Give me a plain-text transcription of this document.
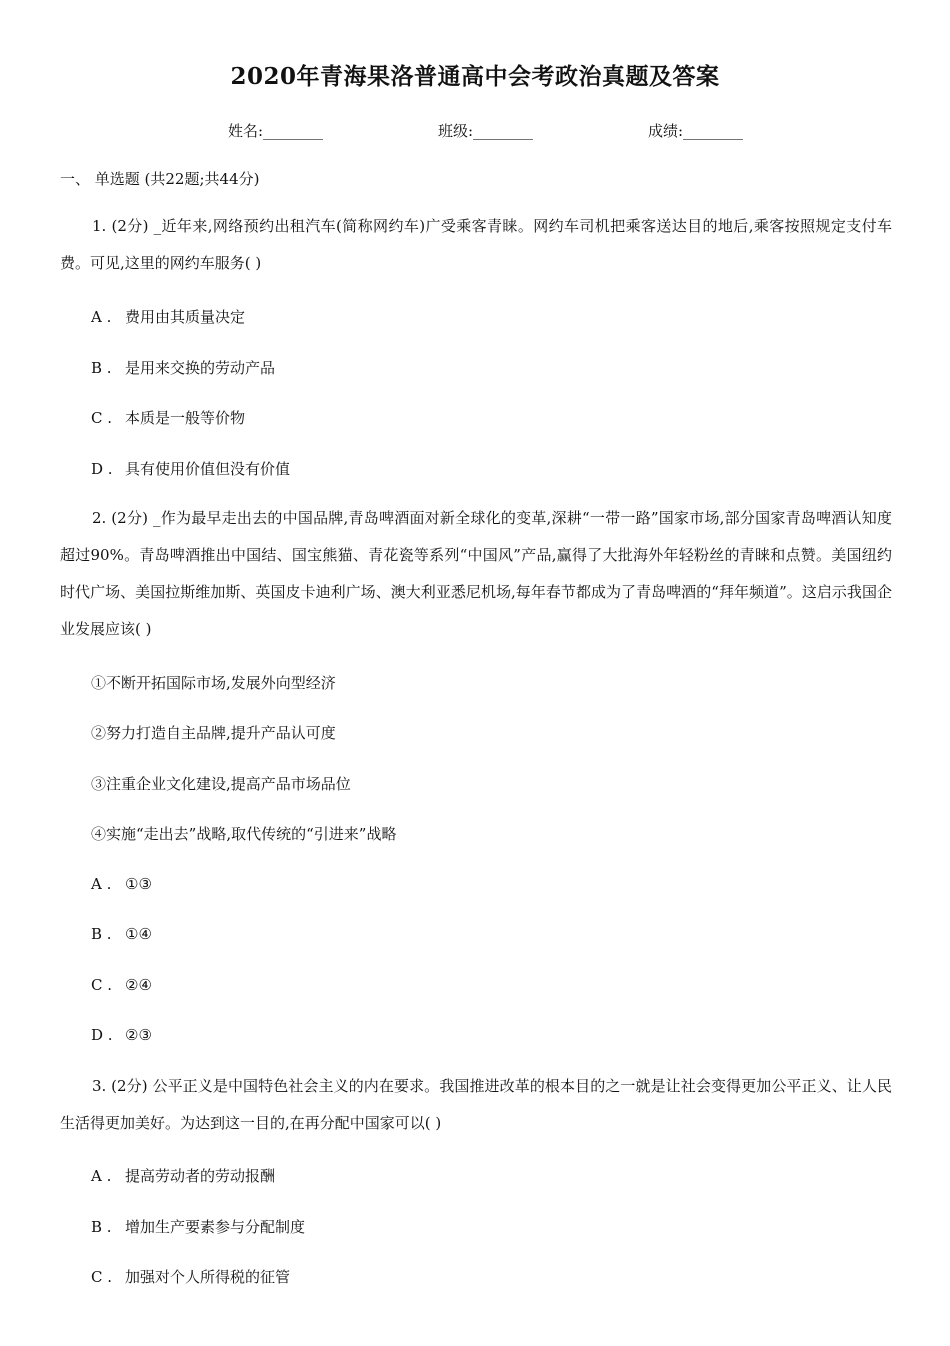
2020年青海果洛普通高中会考政治真题及答案
姓名:________	班级:________	成绩:________
一、 单选题 (共22题;共44分)
1. (2分) _近年来,网络预约出租汽车(简称网约车)广受乘客青睐。网约车司机把乘客送达目的地后,乘客按照规定支付车费。可见,这里的网约车服务( )
A . 费用由其质量决定
B . 是用来交换的劳动产品
C . 本质是一般等价物
D . 具有使用价值但没有价值
2. (2分) _作为最早走出去的中国品牌,青岛啤酒面对新全球化的变革,深耕“一带一路”国家市场,部分国家青岛啤酒认知度超过90%。青岛啤酒推出中国结、国宝熊猫、青花瓷等系列“中国风”产品,赢得了大批海外年轻粉丝的青睐和点赞。美国纽约时代广场、美国拉斯维加斯、英国皮卡迪利广场、澳大利亚悉尼机场,每年春节都成为了青岛啤酒的“拜年频道”。这启示我国企业发展应该( )
①不断开拓国际市场,发展外向型经济
②努力打造自主品牌,提升产品认可度
③注重企业文化建设,提高产品市场品位
④实施“走出去”战略,取代传统的“引进来”战略
A . ①③
B . ①④
C . ②④
D . ②③
3. (2分) 公平正义是中国特色社会主义的内在要求。我国推进改革的根本目的之一就是让社会变得更加公平正义、让人民生活得更加美好。为达到这一目的,在再分配中国家可以( )
A . 提高劳动者的劳动报酬
B . 增加生产要素参与分配制度
C . 加强对个人所得税的征管
